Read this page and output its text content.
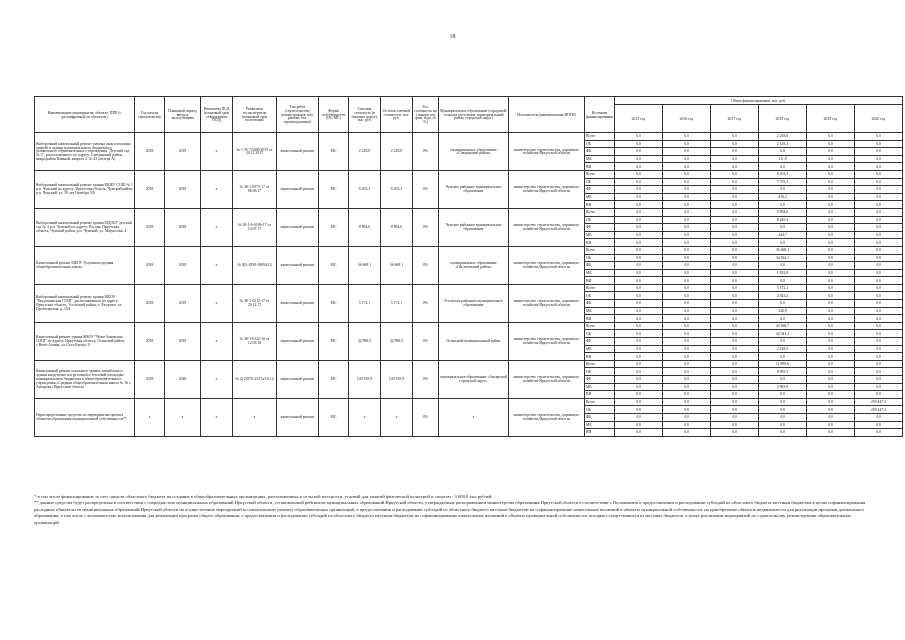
18
Наименование мероприятия, объекта, ППР (с расшифровкой по объектам)	Год начала строительства	Плановый период ввода в эксплуатацию	Реквизиты ПСД (плановый срок утверждения ПСД)	Реквизиты госэкспертизы (плановый срок получения)	Тип работ (строительство, реконструкция, кап. ремонт, тех. перевооружение)	Форма собственности (ОС/МС)	Сметная стоимость (в текущих ценах), тыс. руб.	Остаток сметной стоимости, тыс. руб.	Тех. готовность на 1 января тек. фин. года, (в %)	Муниципальное образование (городской/сельское поселение, муниципальный район, городской округ)	Исполнитель (наименование ИОГВ)	Источник финансирования	Объем финансирования, тыс. руб.					
													2015 год	2016 год	2017 год	2018 год	2019 год	2020 год
Выборочный капитальный ремонт (замена окон и входных дверей) в здании муниципального бюджетного дошкольного образовательного учреждения "Детский сад № 3", расположенного по адресу: Слюдянский район, микрорайон Южный, квартал 2, № 43 (литера А)	2018	2018	х	№ 1-ЗУ-13490/2015 от 20.12.2015	капитальный ремонт	МС	2 238,0	2 238,0	0%	муниципальное образование «Слюдянский район»	министерство строительства, дорожного хозяйства Иркутской области	Всего	0,0	0,0	0,0	2 238,0	0,0	0,0
												ОБ	0,0	0,0	0,0	2 126,1	0,0	0,0
												ФБ	0,0	0,0	0,0	0,0	0,0	0,0
												МБ	0,0	0,0	0,0	111,9	0,0	0,0
												ВИ	0,0	0,0	0,0	0,0	0,0	0,0
Выборочный капитальный ремонт здания МОБУ СОШ № 1 р.п. Чунский по адресу: Иркутская область, Чунский район, р.п. Чунский, ул. 50 лет Октября, 9А	2018	2018	х	№ 38-1-0073-17 от 06.09.17	капитальный ремонт	МС	8 203,3	8 203,3	0%	Чунское районное муниципальное образование	министерство строительства, дорожного хозяйства Иркутской области	Всего	0,0	0,0	0,0	8 203,3	0,0	0,0
												ОБ	0,0	0,0	0,0	7 793,1	0,0	0,0
												ФБ	0,0	0,0	0,0	0,0	0,0	0,0
												МБ	0,0	0,0	0,0	410,2	0,0	0,0
												ВИ	0,0	0,0	0,0	0,0	0,0	0,0
Выборочный капитальный ремонт здания МДОБУ детский сад № 4 р.п. Чунский по адресу: Россия, Иркутская область, Чунский район, р.п. Чунский, ул. Матросова, 4	2018	2018	х	№ 38-1-6-0186-17 от 14.07.17	капитальный ремонт	МС	8 894,0	8 894,0	0%	Чунское районное муниципальное образование	министерство строительства, дорожного хозяйства Иркутской области	Всего	0,0	0,0	0,0	8 894,0	0,0	0,0
												ОБ	0,0	0,0	0,0	8 449,3	0,0	0,0
												ФБ	0,0	0,0	0,0	0,0	0,0	0,0
												МБ	0,0	0,0	0,0	444,7	0,0	0,0
												ВИ	0,0	0,0	0,0	0,0	0,0	0,0
Капитальный ремонт МБОУ Тулунская средняя общеобразовательная школа	2018	2018	х	№ ДО-1858-18894/14	капитальный ремонт	МС	36 668,1	36 668,1	0%	муниципальное образование «Шелеховский район»	министерство строительства, дорожного хозяйства Иркутской области	Всего	0,0	0,0	0,0	36 668,1	0,0	0,0
												ОБ	0,0	0,0	0,0	34 824,1	0,0	0,0
												ФБ	0,0	0,0	0,0	0,0	0,0	0,0
												МБ	0,0	0,0	0,0	1 833,0	0,0	0,0
												ВИ	0,0	0,0	0,0	0,0	0,0	0,0
Выборочный капитальный ремонт здания МБОУ "Раздольинская СОШ", расположенного по адресу: Иркутская область, Усольский район, п. Раздолье, ул. Пролетарская, д. 15А	2018	2018	х	№ 38-1-0312-17 от 29.12.17	капитальный ремонт	МС	5 172,1	5 172,1	0%	Усольское районное муниципальное образование	министерство строительства, дорожного хозяйства Иркутской области	Всего	0,0	0,0	0,0	5 172,1	0,0	0,0
												ОБ	0,0	0,0	0,0	4 943,2	0,0	0,0
												ФБ	0,0	0,0	0,0	0,0	0,0	0,0
												МБ	0,0	0,0	0,0	228,9	0,0	0,0
												ВИ	0,0	0,0	0,0	0,0	0,0	0,0
Капитальный ремонт здания МБОУ "Ново-Зоновская СОШ" по адресу: Иркутская область, Осинский район, с.Ново-Ахины, ул.Сухэ-Батора, 9	2018	2018	х	№ 38-1-0122-18 от 12.03.18	капитальный ремонт	МС	42 996,5	42 996,5	0%	Осинский муниципальный район	министерство строительства, дорожного хозяйства Иркутской области	Всего	0,0	0,0	0,0	44 569,7	0,0	0,0
												ОБ	0,0	0,0	0,0	42 341,2	0,0	0,0
												ФБ	0,0	0,0	0,0	0,0	0,0	0,0
												МБ	0,0	0,0	0,0	2 228,5	0,0	0,0
												ВИ	0,0	0,0	0,0	0,0	0,0	0,0
Капитальный ремонт основного здания, пищеблока и здания нагрузочно-погрузочной и тепловой площадки муниципального бюджетного общеобразовательного учреждения «Средняя общеобразовательная школа № 16 г. Ангарска» Иркутская область	2018	2020	х	№ Д-29176-2517к/10.14	капитальный ремонт	МС	149 185,9	149 185,9	0%	муниципальное образование «Ангарский городской округ»	министерство строительства, дорожного хозяйства Иркутской области	Всего	0,0	0,0	0,0	11 898,6	0,0	0,0
												ОБ	0,0	0,0	0,0	8 995,5	0,0	0,0
												ФБ	0,0	0,0	0,0	0,0	0,0	0,0
												МБ	0,0	0,0	0,0	2 903,9	0,0	0,0
												ВИ	0,0	0,0	0,0	0,0	0,0	0,0
Нераспределенные средства по мероприятию проекта объектов образования муниципальной собственности**	х	х	х	х	капитальный ремонт	МС	х	х	0%	х	министерство строительства, дорожного хозяйства Иркутской области	Всего	0,0	0,0	0,0	0,0	0,0	259 447,3
												ОБ	0,0	0,0	0,0	0,0	0,0	259 447,3
												ФБ	0,0	0,0	0,0	0,0	0,0	0,0
												МБ	0,0	0,0	0,0	0,0	0,0	0,0
												ВИ	0,0	0,0	0,0	0,0	0,0	0,0

* в том числе финансирование за счет средств областного бюджета на создание в общеобразовательных организациях, расположенных в сельской местности, условий для занятий физической культурой и спортом - 3 000,0 тыс.рублей.

** данные средства будут распределены в соответствии с очередностью муниципальных образований Иркутской области, установленной рейтингом муниципальных образований Иркутской области, утверждаемым распоряжением министерства образования Иркутской области в соответствии с Положением о предоставлении и расходовании субсидий из областного бюджета местным бюджетам в целях софинансирования расходных обязательств муниципальных образований Иркутской области на осуществление мероприятий по капитальному ремонту образовательных организаций, о предоставлении и расходовании субсидий из областного бюджета местным бюджетам на софинансирование капитальных вложений в объекты муниципальной собственности, на приобретение объектов недвижимости для реализации программ дошкольного образования, в том числе с возможностью использования для реализации программ общего образования, о предоставлении и расходовании субсидий из областного бюджета местным бюджетам на софинансирование капитальных вложений в объекты муниципальной собственности, которые осуществляются из местных бюджетов, в целях реализации мероприятий по строительству, реконструкции образовательных организаций.
